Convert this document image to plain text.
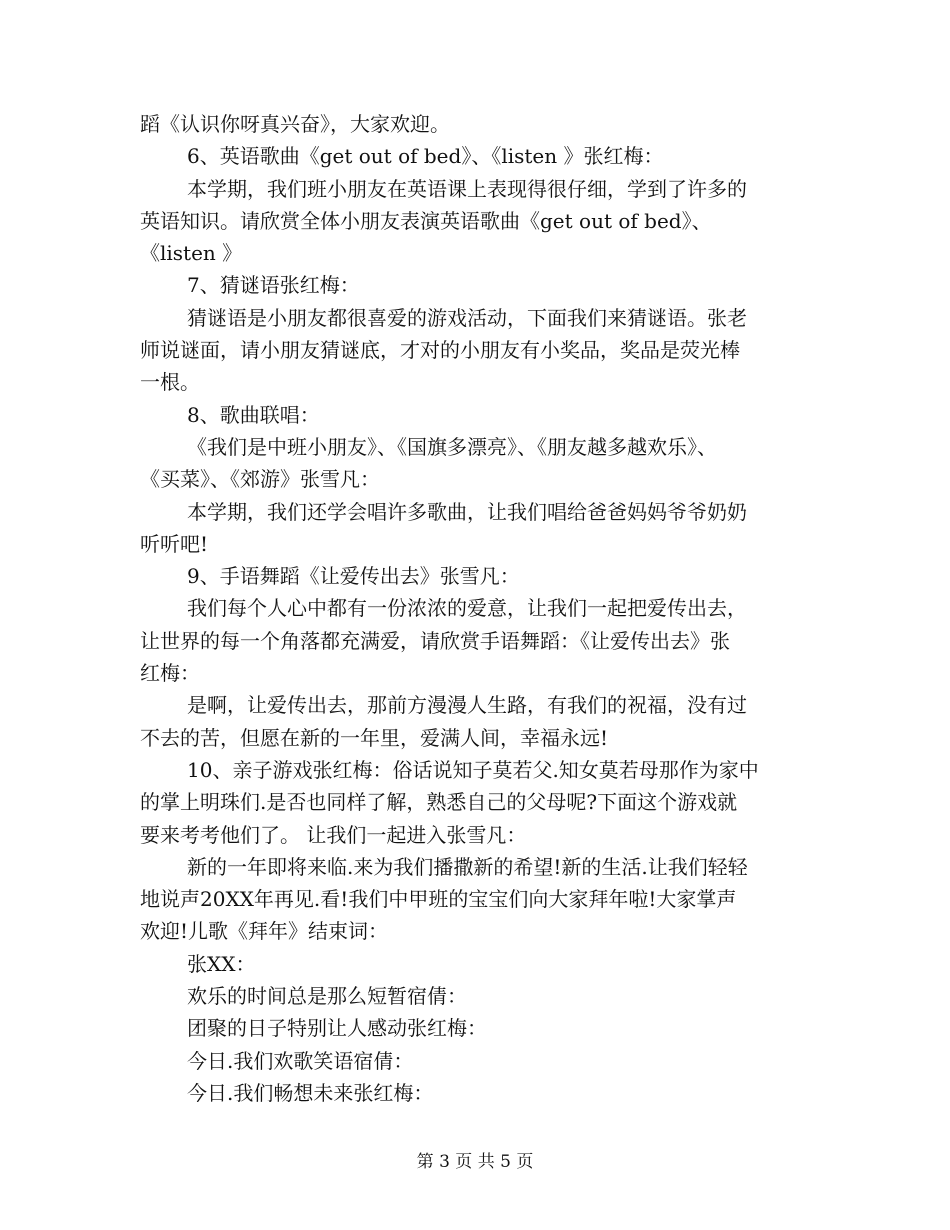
蹈《认识你呀真兴奋》，大家欢迎。
6、英语歌曲《get out of bed》、《listen 》张红梅：
本学期，我们班小朋友在英语课上表现得很仔细，学到了许多的
英语知识。请欣赏全体小朋友表演英语歌曲《get out of bed》、
《listen 》
7、猜谜语张红梅：
猜谜语是小朋友都很喜爱的游戏活动，下面我们来猜谜语。张老
师说谜面，请小朋友猜谜底，才对的小朋友有小奖品，奖品是荧光棒
一根。
8、歌曲联唱：
《我们是中班小朋友》、《国旗多漂亮》、《朋友越多越欢乐》、
《买菜》、《郊游》张雪凡：
本学期，我们还学会唱许多歌曲，让我们唱给爸爸妈妈爷爷奶奶
听听吧!
9、手语舞蹈《让爱传出去》张雪凡：
我们每个人心中都有一份浓浓的爱意，让我们一起把爱传出去，
让世界的每一个角落都充满爱，请欣赏手语舞蹈：《让爱传出去》张
红梅：
是啊，让爱传出去，那前方漫漫人生路，有我们的祝福，没有过
不去的苦，但愿在新的一年里，爱满人间，幸福永远!
10、亲子游戏张红梅：俗话说知子莫若父.知女莫若母那作为家中
的掌上明珠们.是否也同样了解，熟悉自己的父母呢?下面这个游戏就
要来考考他们了。 让我们一起进入张雪凡：
新的一年即将来临.来为我们播撒新的希望!新的生活.让我们轻轻
地说声20XX年再见.看!我们中甲班的宝宝们向大家拜年啦!大家掌声
欢迎!儿歌《拜年》结束词：
张XX：
欢乐的时间总是那么短暂宿倩：
团聚的日子特别让人感动张红梅：
今日.我们欢歌笑语宿倩：
今日.我们畅想未来张红梅：
第 3 页 共 5 页
